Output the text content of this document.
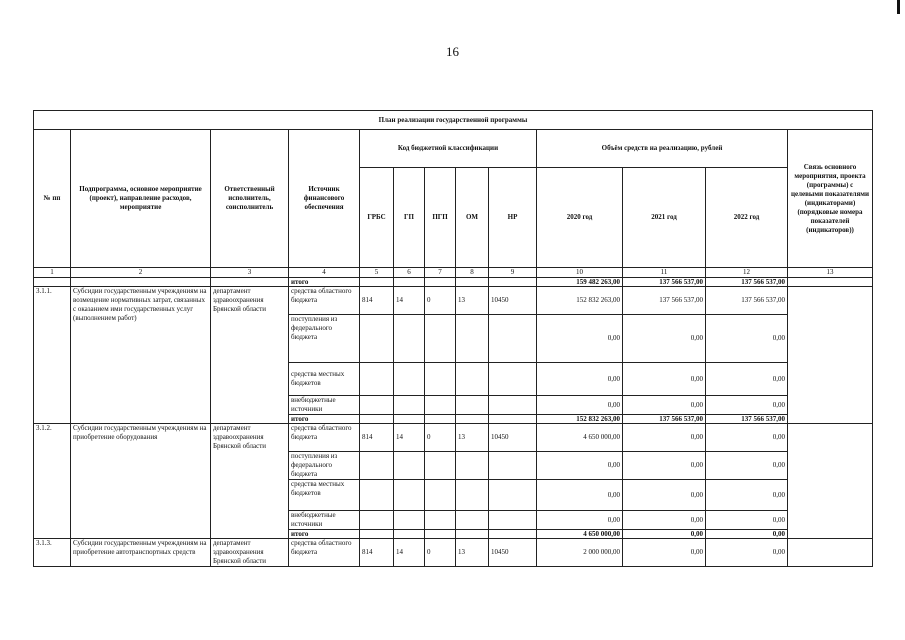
16
План реализации государственной программы												
№ пп	Подпрограмма, основное мероприятие (проект), направление расходов, мероприятие	Ответственный исполнитель, соисполнитель	Источник финансового обеспечения	Код бюджетной классификации					Объём средств на реализацию, рублей			Связь основного мероприятия, проекта (программы) с целевыми показателями (индикаторами) (порядковые номера показателей (индикаторов))
				ГРБС	ГП	ПГП	ОМ	НР	2020 год	2021 год	2022 год	
1	2	3	4	5	6	7	8	9	10	11	12	13
			итого						159 482 263,00	137 566 537,00	137 566 537,00	
3.1.1.	Субсидии государственным учреждениям на возмещение нормативных затрат, связанных с оказанием ими государственных услуг (выполнением работ)	департамент здравоохранения Брянской области	средства областного бюджета	814	14	0	13	10450	152 832 263,00	137 566 537,00	137 566 537,00	
			поступления из федерального бюджета						0,00	0,00	0,00	
			средства местных бюджетов						0,00	0,00	0,00	
			внебюджетные источники						0,00	0,00	0,00	
			итого						152 832 263,00	137 566 537,00	137 566 537,00	
3.1.2.	Субсидии государственным учреждениям на приобретение оборудования	департамент здравоохранения Брянской области	средства областного бюджета	814	14	0	13	10450	4 650 000,00	0,00	0,00	
			поступления из федерального бюджета						0,00	0,00	0,00	
			средства местных бюджетов						0,00	0,00	0,00	
			внебюджетные источники						0,00	0,00	0,00	
			итого						4 650 000,00	0,00	0,00	
3.1.3.	Субсидии государственным учреждениям на приобретение автотранспортных средств	департамент здравоохранения Брянской области	средства областного бюджета	814	14	0	13	10450	2 000 000,00	0,00	0,00	
